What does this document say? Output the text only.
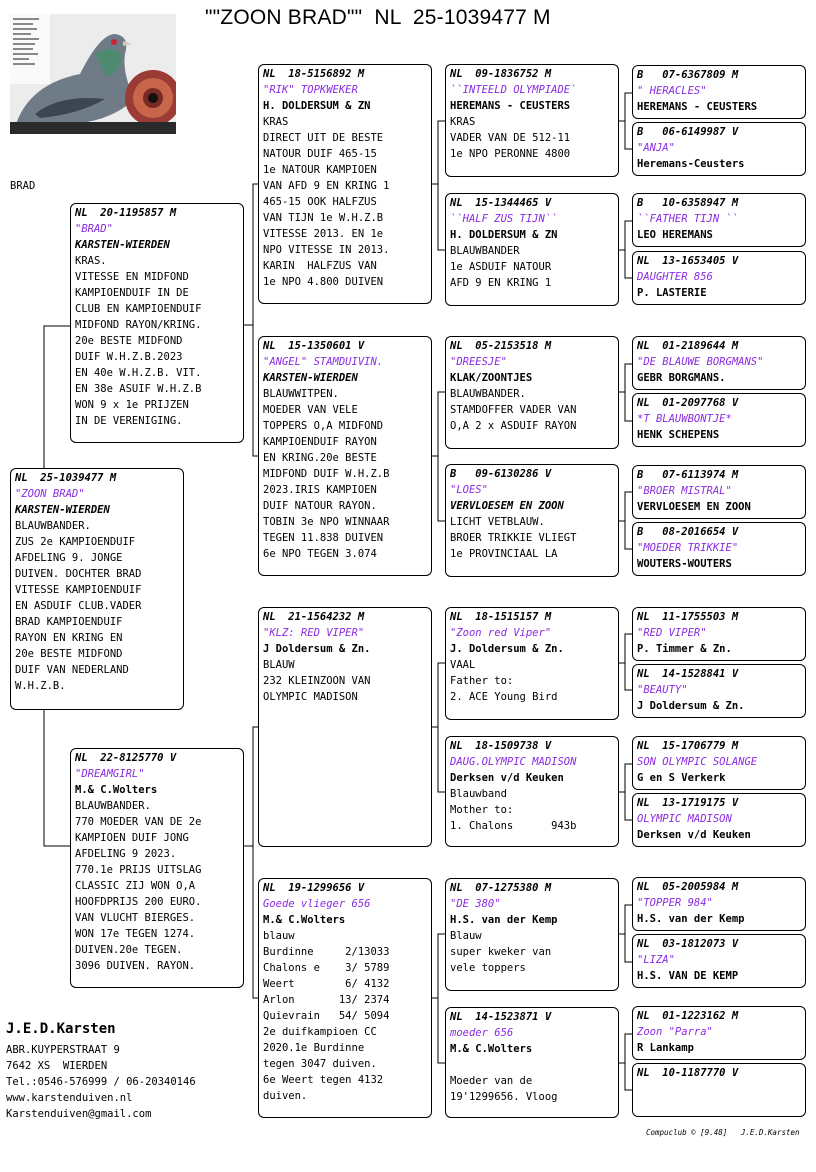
""ZOON BRAD""  NL  25-1039477 M
BRAD
NL  25-1039477 M
"ZOON BRAD"
KARSTEN-WIERDEN
BLAUWBANDER.
ZUS 2e KAMPIOENDUIF
AFDELING 9. JONGE
DUIVEN. DOCHTER BRAD
VITESSE KAMPIOENDUIF
EN ASDUIF CLUB.VADER
BRAD KAMPIOENDUIF
RAYON EN KRING EN
20e BESTE MIDFOND
DUIF VAN NEDERLAND
W.H.Z.B.
NL  20-1195857 M
"BRAD"
KARSTEN-WIERDEN
KRAS.
VITESSE EN MIDFOND
KAMPIOENDUIF IN DE
CLUB EN KAMPIOENDUIF
MIDFOND RAYON/KRING.
20e BESTE MIDFOND
DUIF W.H.Z.B.2023
EN 40e W.H.Z.B. VIT.
EN 38e ASUIF W.H.Z.B
WON 9 x 1e PRIJZEN
IN DE VERENIGING.
NL  22-8125770 V
"DREAMGIRL"
M.& C.Wolters
BLAUWBANDER.
770 MOEDER VAN DE 2e
KAMPIOEN DUIF JONG
AFDELING 9 2023.
770.1e PRIJS UITSLAG
CLASSIC ZIJ WON O,A
HOOFDPRIJS 200 EURO.
VAN VLUCHT BIERGES.
WON 17e TEGEN 1274.
DUIVEN.20e TEGEN.
3096 DUIVEN. RAYON.
NL  18-5156892 M
"RIK" TOPKWEKER
H. DOLDERSUM & ZN
KRAS
DIRECT UIT DE BESTE
NATOUR DUIF 465-15
1e NATOUR KAMPIOEN
VAN AFD 9 EN KRING 1
465-15 OOK HALFZUS
VAN TIJN 1e W.H.Z.B
VITESSE 2013. EN 1e
NPO VITESSE IN 2013.
KARIN  HALFZUS VAN
1e NPO 4.800 DUIVEN
NL  15-1350601 V
"ANGEL" STAMDUIVIN.
KARSTEN-WIERDEN
BLAUWWITPEN.
MOEDER VAN VELE
TOPPERS O,A MIDFOND
KAMPIOENDUIF RAYON
EN KRING.20e BESTE
MIDFOND DUIF W.H.Z.B
2023.IRIS KAMPIOEN
DUIF NATOUR RAYON.
TOBIN 3e NPO WINNAAR
TEGEN 11.838 DUIVEN
6e NPO TEGEN 3.074
NL  21-1564232 M
"KLZ: RED VIPER"
J Doldersum & Zn.
BLAUW
232 KLEINZOON VAN
OLYMPIC MADISON
NL  19-1299656 V
Goede vlieger 656
M.& C.Wolters
blauw
Burdinne     2/13033
Chalons e    3/ 5789
Weert        6/ 4132
Arlon       13/ 2374
Quievrain   54/ 5094
2e duifkampioen CC
2020.1e Burdinne
tegen 3047 duiven.
6e Weert tegen 4132
duiven.
NL  09-1836752 M
``INTEELD OLYMPIADE`
HEREMANS - CEUSTERS
KRAS
VADER VAN DE 512-11
1e NPO PERONNE 4800
NL  15-1344465 V
``HALF ZUS TIJN``
H. DOLDERSUM & ZN
BLAUWBANDER
1e ASDUIF NATOUR
AFD 9 EN KRING 1
NL  05-2153518 M
"DREESJE"
KLAK/ZOONTJES
BLAUWBANDER.
STAMDOFFER VADER VAN
O,A 2 x ASDUIF RAYON
B   09-6130286 V
"LOES"
VERVLOESEM EN ZOON
LICHT VETBLAUW.
BROER TRIKKIE VLIEGT
1e PROVINCIAAL LA
NL  18-1515157 M
"Zoon red Viper"
J. Doldersum & Zn.
VAAL
Father to:
2. ACE Young Bird
NL  18-1509738 V
DAUG.OLYMPIC MADISON
Derksen v/d Keuken
Blauwband
Mother to:
1. Chalons      943b
NL  07-1275380 M
"DE 380"
H.S. van der Kemp
Blauw
super kweker van
vele toppers
NL  14-1523871 V
moeder 656
M.& C.Wolters

Moeder van de
19'1299656. Vloog
B   07-6367809 M
" HERACLES"
HEREMANS - CEUSTERS
B   06-6149987 V
"ANJA"
Heremans-Ceusters
B   10-6358947 M
``FATHER TIJN ``
LEO HEREMANS
NL  13-1653405 V
DAUGHTER 856
P. LASTERIE
NL  01-2189644 M
"DE BLAUWE BORGMANS"
GEBR BORGMANS.
NL  01-2097768 V
*T BLAUWBONTJE*
HENK SCHEPENS
B   07-6113974 M
"BROER MISTRAL"
VERVLOESEM EN ZOON
B   08-2016654 V
"MOEDER TRIKKIE"
WOUTERS-WOUTERS
NL  11-1755503 M
"RED VIPER"
P. Timmer & Zn.
NL  14-1528841 V
"BEAUTY"
J Doldersum & Zn.
NL  15-1706779 M
SON OLYMPIC SOLANGE
G en S Verkerk
NL  13-1719175 V
OLYMPIC MADISON
Derksen v/d Keuken
NL  05-2005984 M
"TOPPER 984"
H.S. van der Kemp
NL  03-1812073 V
"LIZA"
H.S. VAN DE KEMP
NL  01-1223162 M
Zoon "Parra"
R Lankamp
NL  10-1187770 V
J.E.D.Karsten
ABR.KUYPERSTRAAT 9
7642 XS  WIERDEN
Tel.:0546-576999 / 06-20340146
www.karstenduiven.nl
Karstenduiven@gmail.com
Compuclub © [9.48]   J.E.D.Karsten
